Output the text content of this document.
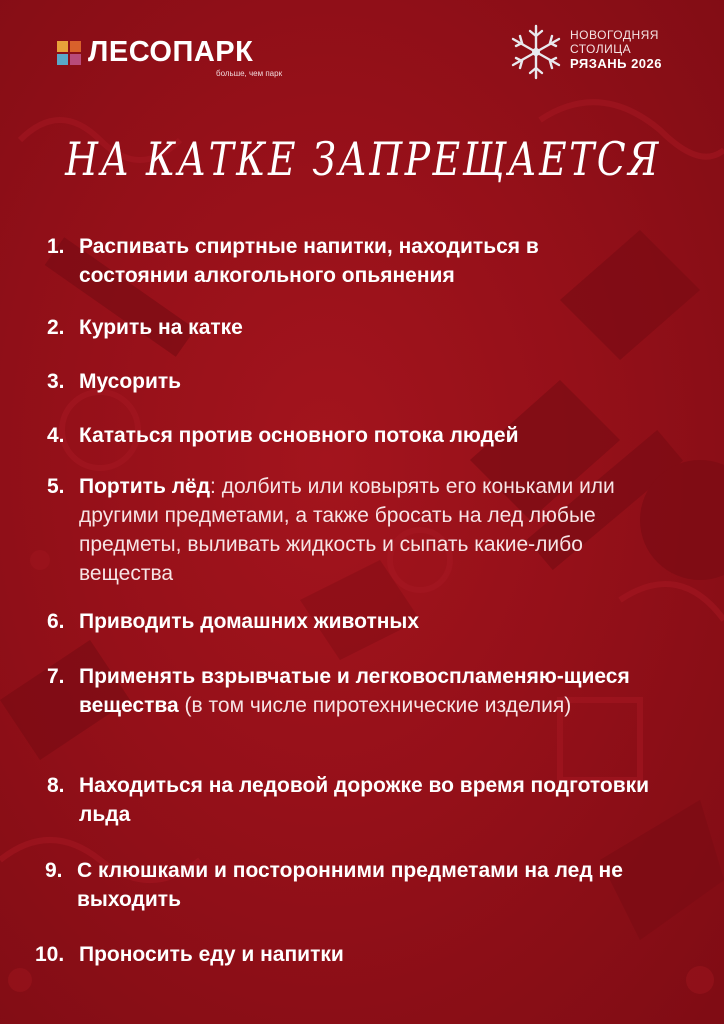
ЛЕСОПАРК
больше, чем парк
НОВОГОДНЯЯ
СТОЛИЦА
РЯЗАНЬ 2026
НА КАТКЕ ЗАПРЕЩАЕТСЯ
1. Распивать спиртные напитки, находиться в состоянии алкогольного опьянения
2. Курить на катке
3. Мусорить
4. Кататься против основного потока людей
5. Портить лёд: долбить или ковырять его коньками или другими предметами, а также бросать на лед любые предметы, выливать жидкость и сыпать какие-либо вещества
6. Приводить домашних животных
7. Применять взрывчатые и легковоспламеняю-щиеся вещества (в том числе пиротехнические изделия)
8. Находиться на ледовой дорожке во время подготовки льда
9. С клюшками и посторонними предметами на лед не выходить
10. Проносить еду и напитки
